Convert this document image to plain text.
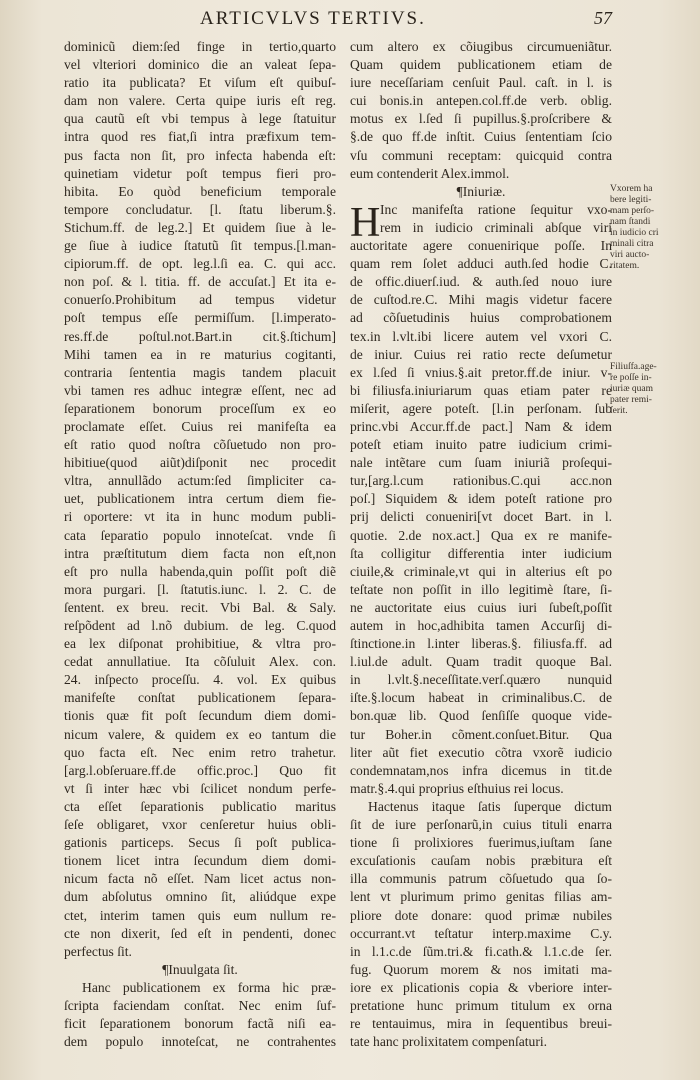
ARTICVLVS TERTIVS.	57
dominicũ diem:ſed finge in tertio,quarto
vel vlteriori dominico die an valeat ſepa-
ratio ita publicata? Et viſum eſt quibuſ-
dam non valere. Certa quipe iuris eſt reg.
qua cautũ eſt vbi tempus à lege ſtatuitur
intra quod res fiat,ſi intra præfixum tem-
pus facta non ſit, pro infecta habenda eſt:
quinetiam videtur poſt tempus fieri pro-
hibita. Eo quòd beneficium temporale
tempore concludatur. [l. ſtatu liberum.§.
Stichum.ff. de leg.2.] Et quidem ſiue à le-
ge ſiue à iudice ſtatutũ ſit tempus.[l.man-
cipiorum.ff. de opt. leg.l.ſi ea. C. qui acc.
non poſ. & l. titia. ff. de accuſat.] Et ita e-
conuerſo.Prohibitum ad tempus videtur
poſt tempus eſſe permiſſum. [l.imperato-
res.ff.de poſtul.not.Bart.in cit.§.ſtichum]
Mihi tamen ea in re maturius cogitanti,
contraria ſententia magis tandem placuit
vbi tamen res adhuc integræ eſſent, nec ad
ſeparationem bonorum proceſſum ex eo
proclamate eſſet. Cuius rei manifeſta ea
eſt ratio quod noſtra cõſuetudo non pro-
hibitiue(quod aiũt)diſponit nec procedit
vltra, annullãdo actum:ſed ſimpliciter ca-
uet, publicationem intra certum diem fie-
ri oportere: vt ita in hunc modum publi-
cata ſeparatio populo innoteſcat. vnde ſi
intra præſtitutum diem facta non eſt,non
eſt pro nulla habenda,quin poſſit poſt diẽ
mora purgari. [l. ſtatutis.iunc. l. 2. C. de
ſentent. ex breu. recit. Vbi Bal. & Saly.
reſpõdent ad l.nõ dubium. de leg. C.quod
ea lex diſponat prohibitiue, & vltra pro-
cedat annullatiue. Ita cõſuluit Alex. con.
24. inſpecto proceſſu. 4. vol. Ex quibus
manifeſte conſtat publicationem ſepara-
tionis quæ fit poſt ſecundum diem domi-
nicum valere, & quidem ex eo tantum die
quo facta eſt. Nec enim retro trahetur.
[arg.l.obſeruare.ff.de offic.proc.] Quo fit
vt ſi inter hæc vbi ſcilicet nondum perfe-
cta eſſet ſeparationis publicatio maritus
ſeſe obligaret, vxor cenſeretur huius obli-
gationis particeps. Secus ſi poſt publica-
tionem licet intra ſecundum diem domi-
nicum facta nõ eſſet. Nam licet actus non-
dum abſolutus omnino ſit, aliúdque expe
ctet, interim tamen quis eum nullum re-
cte non dixerit, ſed eſt in pendenti, donec
perfectus ſit.
¶Inuulgata ſit.
Hanc publicationem ex forma hic præ-
ſcripta faciendam conſtat. Nec enim ſuf-
ficit ſeparationem bonorum factã niſi ea-
dem populo innoteſcat, ne contrahentes
cum altero ex cõiugibus circumueniãtur.
Quam quidem publicationem etiam de
iure neceſſariam cenſuit Paul. caſt. in l. is
cui bonis.in antepen.col.ff.de verb. oblig.
motus ex l.ſed ſi pupillus.§.proſcribere &
§.de quo ff.de inſtit. Cuius ſententiam ſcio
vſu communi receptam: quicquid contra
eum contenderit Alex.immol.
¶Iniuriæ.
H Inc manifeſta ratione ſequitur vxo-
rem in iudicio criminali abſque viri
auctoritate agere conuenirique poſſe. In
quam rem ſolet adduci auth.ſed hodie C.
de offic.diuerſ.iud. & auth.ſed nouo iure
de cuſtod.re.C. Mihi magis videtur facere
ad cõſuetudinis huius comprobationem
tex.in l.vlt.ibi licere autem vel vxori C.
de iniur. Cuius rei ratio recte deſumetur
ex l.ſed ſi vnius.§.ait pretor.ff.de iniur. v-
bi filiusfa.iniuriarum quas etiam pater re
miſerit, agere poteſt. [l.in perſonam. ſub
princ.vbi Accur.ff.de pact.] Nam & idem
poteſt etiam inuito patre iudicium crimi-
nale intẽtare cum ſuam iniuriã proſequi-
tur,[arg.l.cum rationibus.C.qui acc.non
poſ.] Siquidem & idem poteſt ratione pro
prij delicti conueniri[vt docet Bart. in l.
quotie. 2.de nox.act.] Qua ex re manife-
ſta colligitur differentia inter iudicium
ciuile,& criminale,vt qui in alterius eſt po
teſtate non poſſit in illo legitimè ſtare, ſi-
ne auctoritate eius cuius iuri ſubeſt,poſſit
autem in hoc,adhibita tamen Accurſij di-
ſtinctione.in l.inter liberas.§. filiusfa.ff. ad
l.iul.de adult. Quam tradit quoque Bal.
in l.vlt.§.neceſſitate.verſ.quæro nunquid
iſte.§.locum habeat in criminalibus.C. de
bon.quæ lib. Quod ſenſiſſe quoque vide-
tur Boher.in cõment.conſuet.Bitur. Qua
liter aũt fiet executio cõtra vxorẽ iudicio
condemnatam,nos infra dicemus in tit.de
matr.§.4.qui proprius eſthuius rei locus.
Hactenus itaque ſatis ſuperque dictum
ſit de iure perſonarũ,in cuius tituli enarra
tione ſi prolixiores fuerimus,iuſtam ſane
excuſationis cauſam nobis præbitura eſt
illa communis patrum cõſuetudo qua ſo-
lent vt plurimum primo genitas filias am-
pliore dote donare: quod primæ nubiles
occurrant.vt teſtatur interp.maxime C.y.
in l.1.c.de ſũm.tri.& fi.cath.& l.1.c.de ſer.
fug. Quorum morem & nos imitati ma-
iore ex plicationis copia & vberiore inter-
pretatione hunc primum titulum ex orna
re tentauimus, mira in ſequentibus breui-
tate hanc prolixitatem compenſaturi.
Vxorem ha
bere legiti-
mam perſo-
nam ſtandi
in iudicio cri
minali citra
viri aucto-
ritatem.
Filiuſfa.age-
re poſſe in-
iuriæ quam
pater remi-
ſerit.
